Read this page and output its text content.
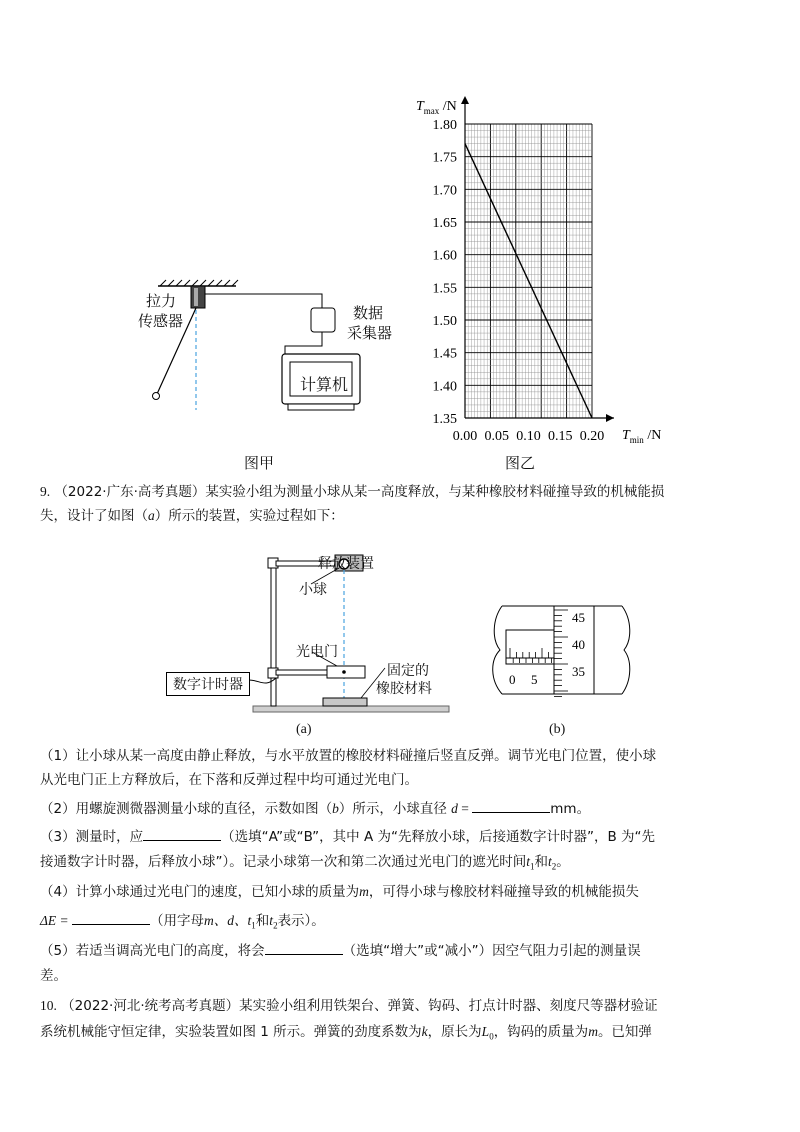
拉力
传感器	数据
采集器
计算机
图甲
1.80
1.75
1.70
1.65
1.60
1.55
1.50
1.45
1.40
1.35
0.00 0.05 0.10 0.15 0.20
$T_{max}$ /N
$T_{min}$ /N
图乙
9. （2022·广东·高考真题）某实验小组为测量小球从某一高度释放，与某种橡胶材料碰撞导致的机械能损
失，设计了如图（a）所示的装置，实验过程如下：
释放装置
小球
光电门
数字计时器
固定的
橡胶材料
(a)
45
40
35
0 5
(b)
（1）让小球从某一高度由静止释放，与水平放置的橡胶材料碰撞后竖直反弹。调节光电门位置，使小球
从光电门正上方释放后，在下落和反弹过程中均可通过光电门。
（2）用螺旋测微器测量小球的直径，示数如图（b）所示，小球直径 d =	mm。
（3）测量时，应	（选填“A”或“B”，其中 A 为“先释放小球，后接通数字计时器”，B 为“先
接通数字计时器，后释放小球”）。记录小球第一次和第二次通过光电门的遮光时间$t_1$和$t_2$。
（4）计算小球通过光电门的速度，已知小球的质量为m，可得小球与橡胶材料碰撞导致的机械能损失
ΔE =	（用字母m、d、$t_1$和$t_2$表示）。
（5）若适当调高光电门的高度，将会	（选填“增大”或“减小”）因空气阻力引起的测量误
差。
10. （2022·河北·统考高考真题）某实验小组利用铁架台、弹簧、钩码、打点计时器、刻度尺等器材验证
系统机械能守恒定律，实验装置如图 1 所示。弹簧的劲度系数为k，原长为$L_0$，钩码的质量为m。已知弹
